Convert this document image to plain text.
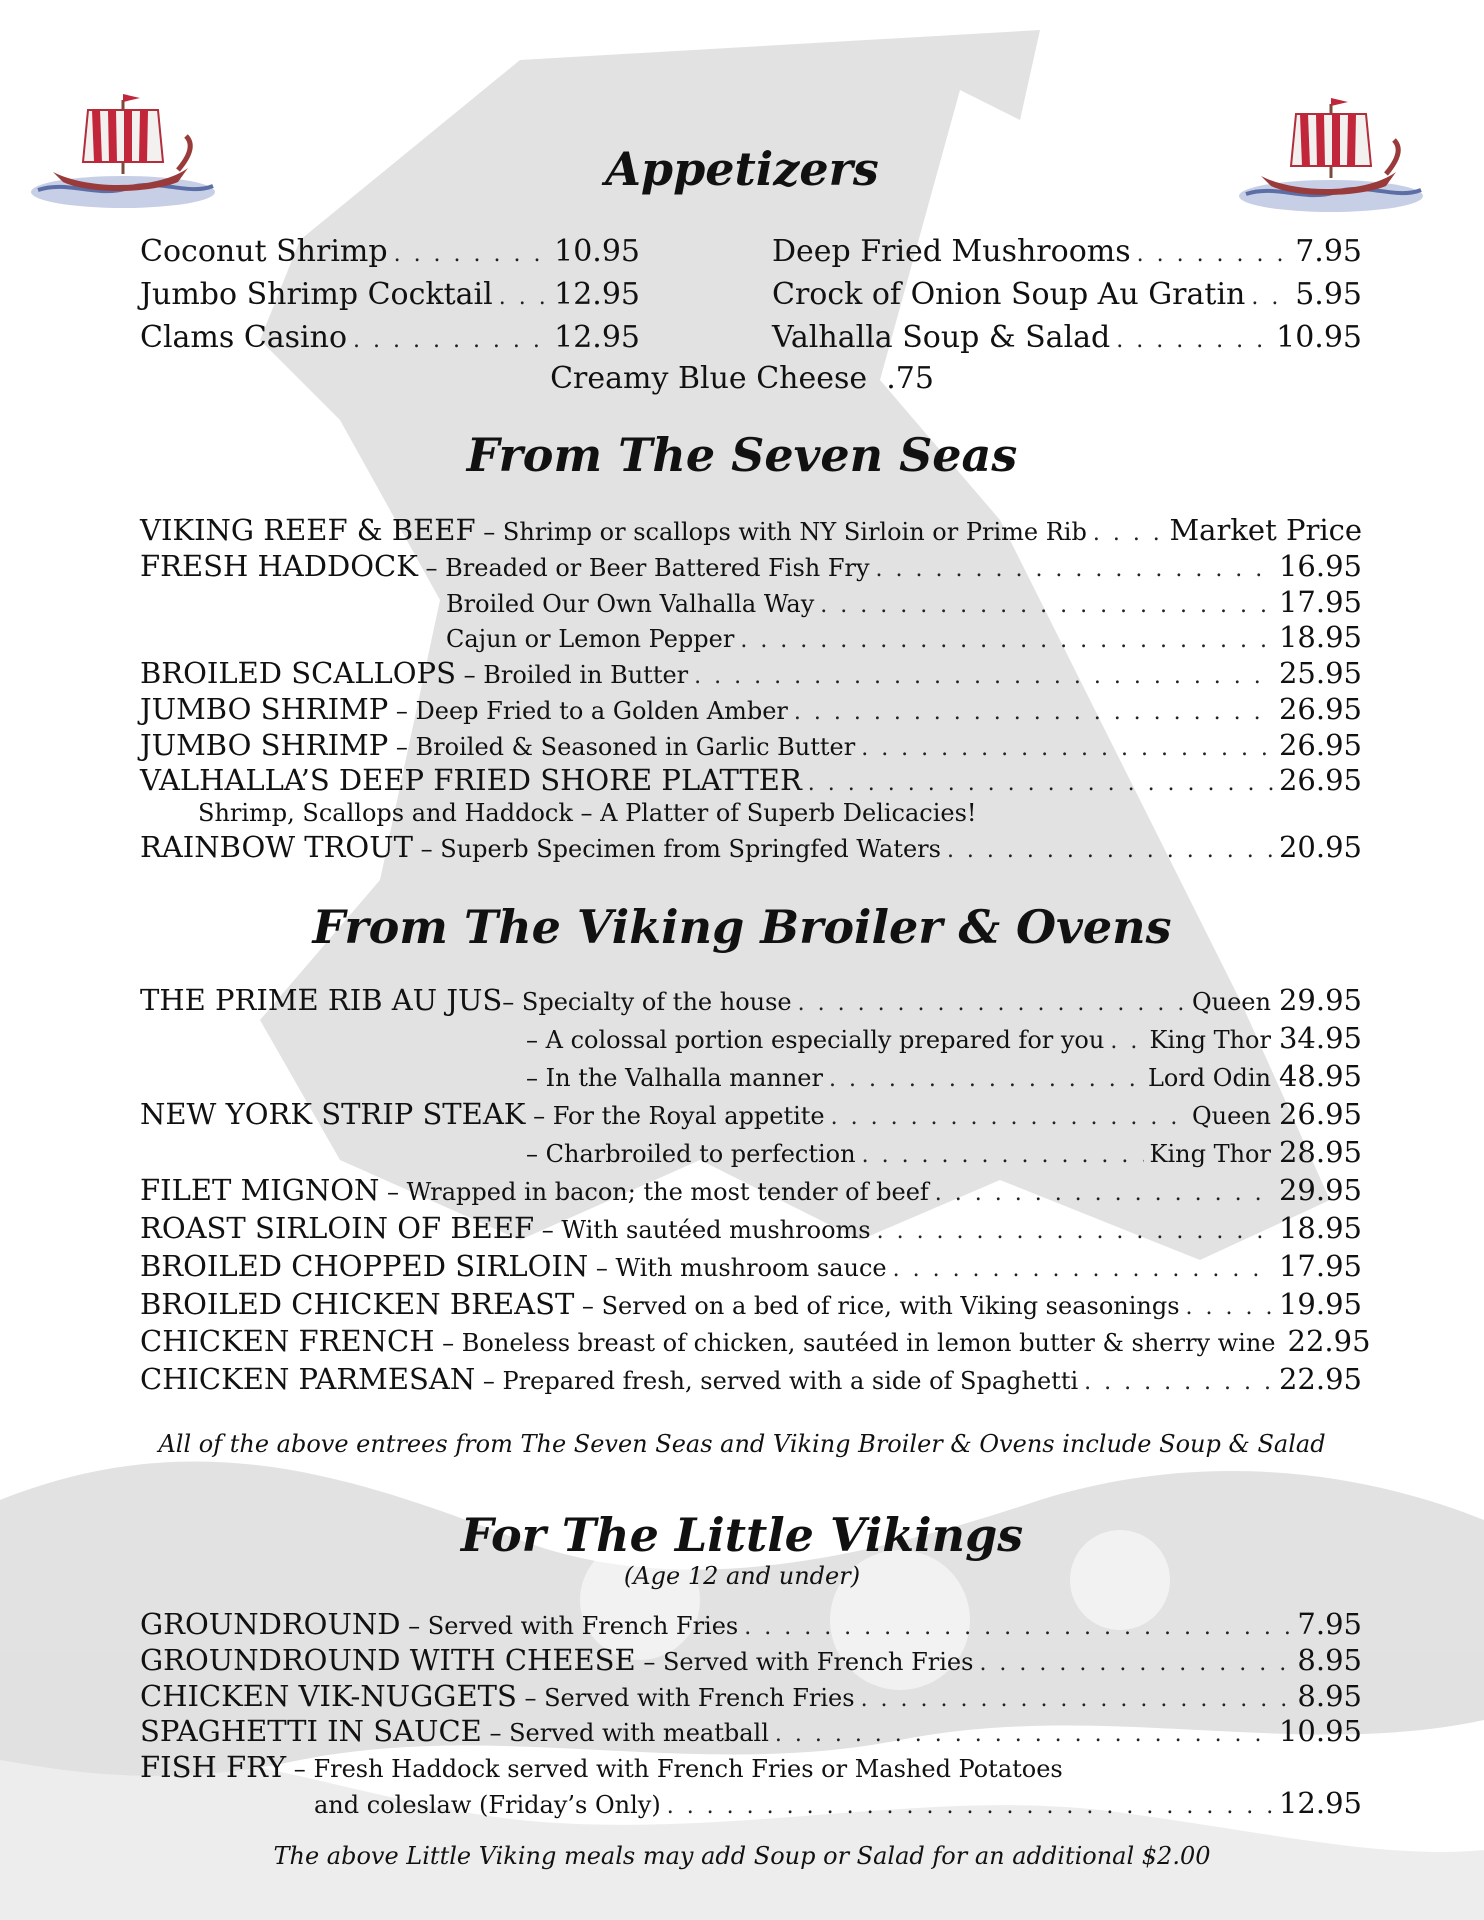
Appetizers
Coconut Shrimp . . .	10.95
Jumbo Shrimp Cocktail . . . 12.95
Clams Casino . . .	12.95
Deep Fried Mushrooms . . .	7.95
Crock of Onion Soup Au Gratin . . . 5.95
Valhalla Soup & Salad . . .	10.95
Creamy Blue Cheese  .75
From The Seven Seas
VIKING REEF & BEEF – Shrimp or scallops with NY Sirloin or Prime Rib . . .	Market Price
FRESH HADDOCK – Breaded or Beer Battered Fish Fry . . .	16.95
Broiled Our Own Valhalla Way . . .	17.95
Cajun or Lemon Pepper . . .	18.95
BROILED SCALLOPS – Broiled in Butter . . .	25.95
JUMBO SHRIMP – Deep Fried to a Golden Amber . . .	26.95
JUMBO SHRIMP – Broiled & Seasoned in Garlic Butter . . .	26.95
VALHALLA’S DEEP FRIED SHORE PLATTER . . .	26.95
Shrimp, Scallops and Haddock – A Platter of Superb Delicacies!
RAINBOW TROUT – Superb Specimen from Springfed Waters . . .	20.95
From The Viking Broiler & Ovens
THE PRIME RIB AU JUS – Specialty of the house . . .	Queen 29.95
– A colossal portion especially prepared for you . . . King Thor 34.95
– In the Valhalla manner . . .	Lord Odin 48.95
NEW YORK STRIP STEAK – For the Royal appetite . . .	Queen 26.95
– Charbroiled to perfection . . .	King Thor 28.95
FILET MIGNON – Wrapped in bacon; the most tender of beef . . .	29.95
ROAST SIRLOIN OF BEEF – With sautéed mushrooms . . .	18.95
BROILED CHOPPED SIRLOIN – With mushroom sauce . . .	17.95
BROILED CHICKEN BREAST – Served on a bed of rice, with Viking seasonings . . .	19.95
CHICKEN FRENCH – Boneless breast of chicken, sautéed in lemon butter & sherry wine 22.95
CHICKEN PARMESAN – Prepared fresh, served with a side of Spaghetti . . .	22.95
All of the above entrees from The Seven Seas and Viking Broiler & Ovens include Soup & Salad
For The Little Vikings
(Age 12 and under)
GROUNDROUND – Served with French Fries . . .	7.95
GROUNDROUND WITH CHEESE – Served with French Fries . . .	8.95
CHICKEN VIK-NUGGETS – Served with French Fries . . .	8.95
SPAGHETTI IN SAUCE – Served with meatball . . .	10.95
FISH FRY – Fresh Haddock served with French Fries or Mashed Potatoes
and coleslaw (Friday’s Only) . . .	12.95
The above Little Viking meals may add Soup or Salad for an additional $2.00
